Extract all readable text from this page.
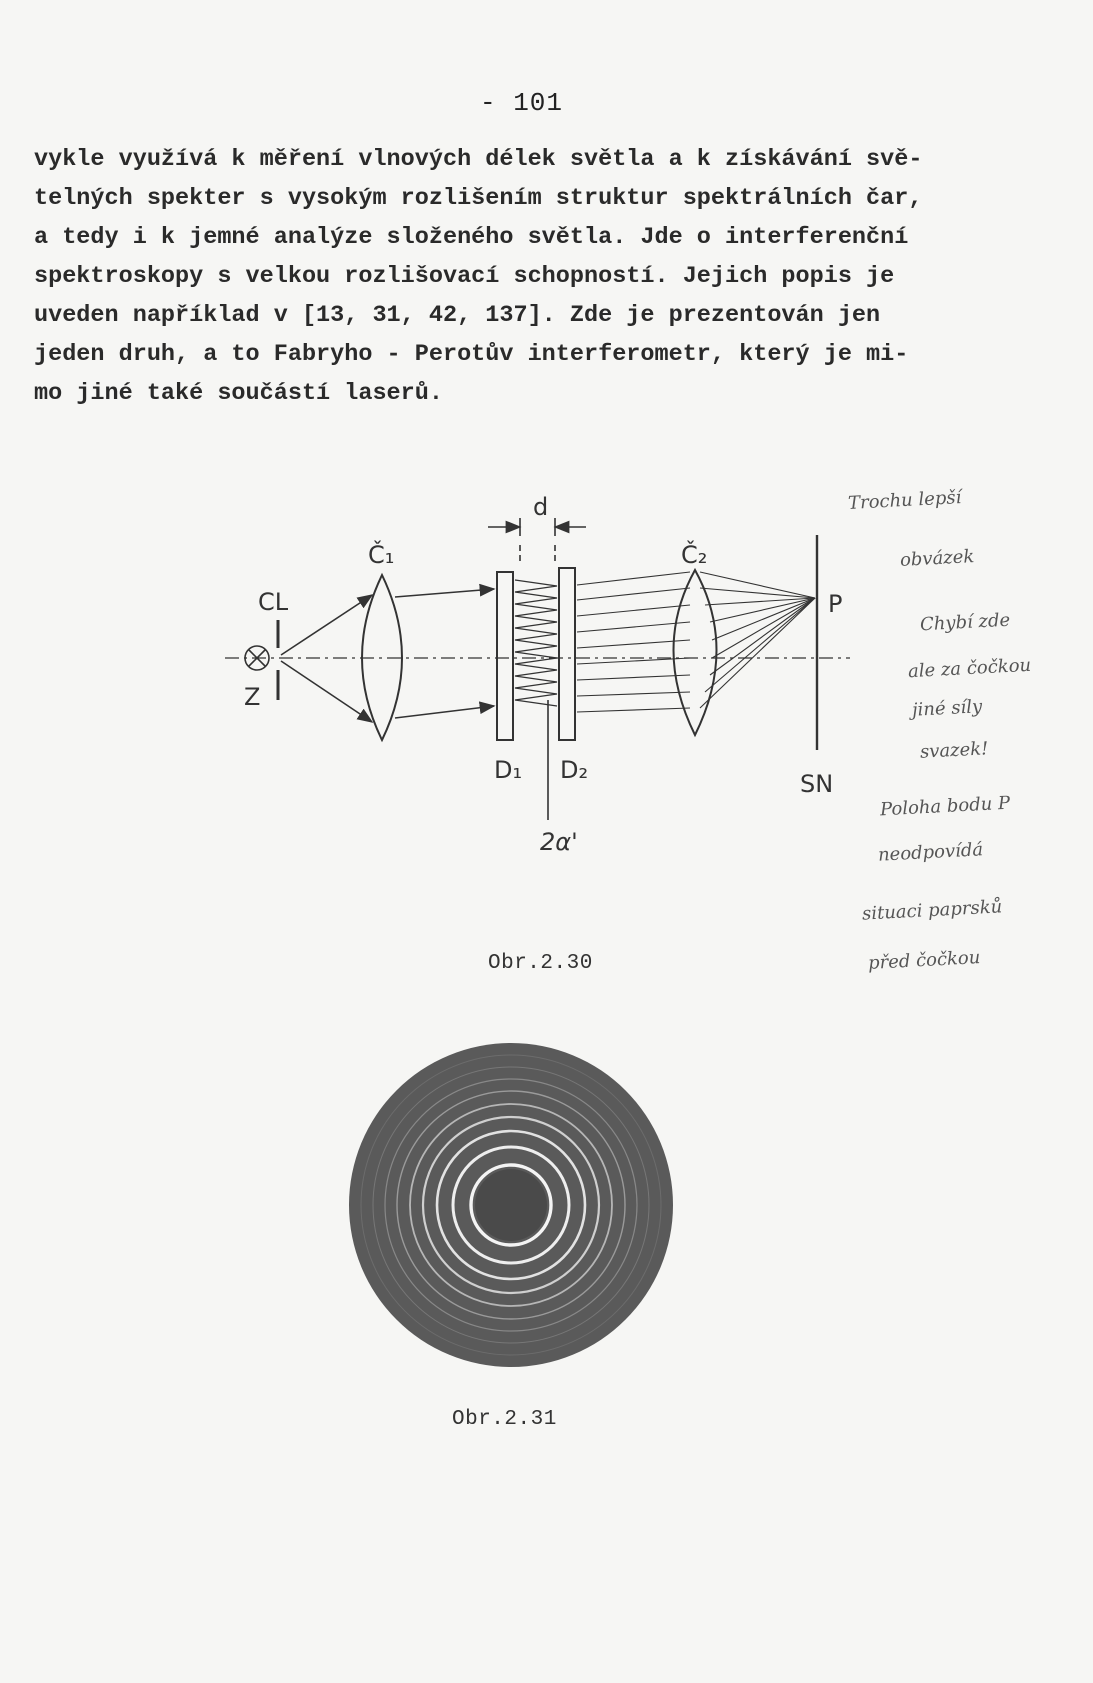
- 101
vykle využívá k měření vlnových délek světla a k získávání svě-
telných spekter s vysokým rozlišením struktur spektrálních čar,
a tedy i k jemné analýze složeného světla. Jde o interferenční
spektroskopy s velkou rozlišovací schopností. Jejich popis je
uveden například v [13, 31, 42, 137]. Zde je prezentován jen
jeden druh, a to Fabryho - Perotův interferometr, který je mi-
mo jiné také součástí laserů.
d
Č₁	Č₂
CL
Z
P
D₁ D₂	SN
2α'
Obr.2.30
Obr.2.31
Trochu lepší
obvázek
Chybí zde
ale za čočkou
jiné síly
svazek!
Poloha bodu P
neodpovídá
situaci paprsků
před čočkou
